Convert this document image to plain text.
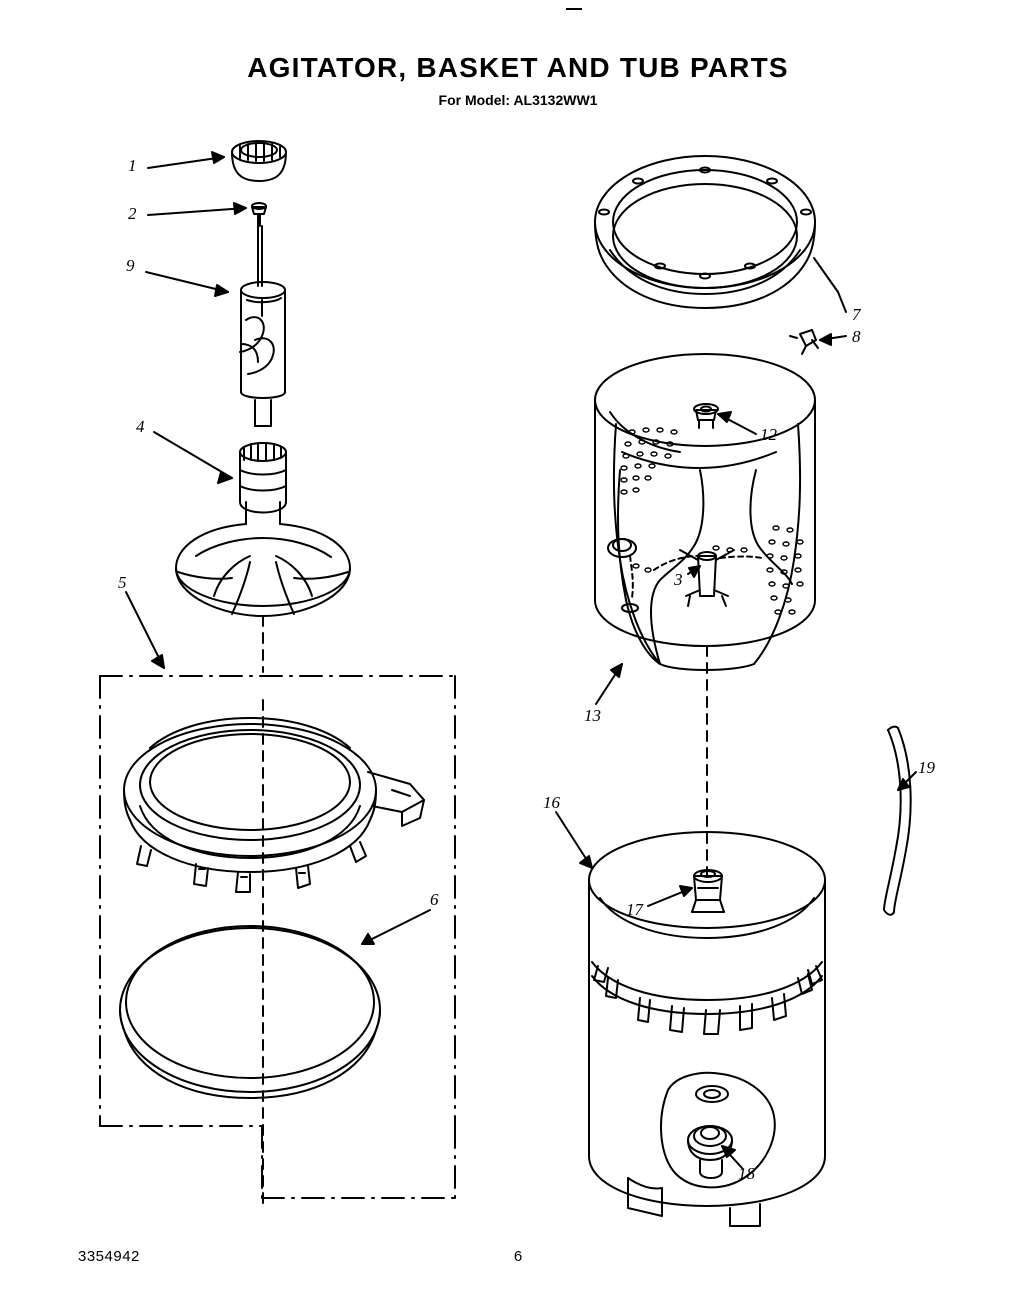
AGITATOR, BASKET AND TUB PARTS
For Model: AL3132WW1
1
2
9
4
5
6
7
8
12
3
13
19
16
17
18
3354942	6
